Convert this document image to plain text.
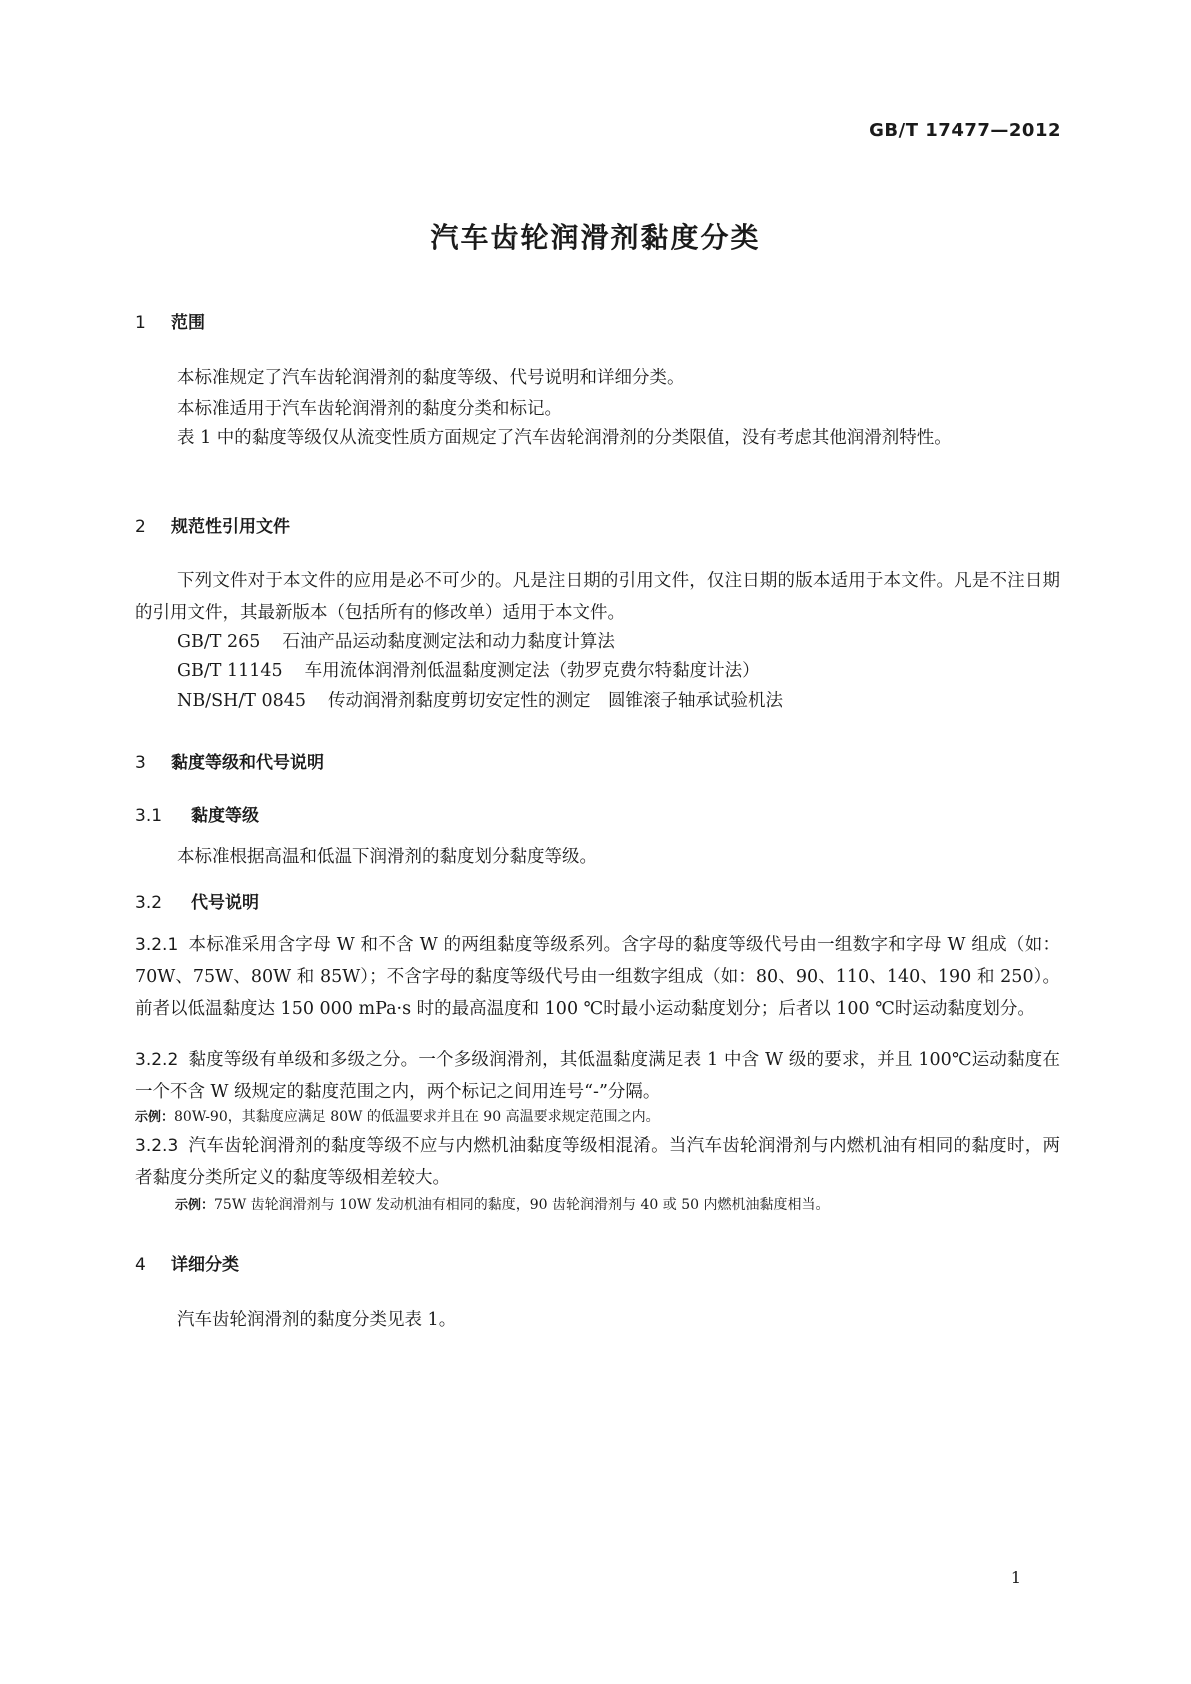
GB/T 17477—2012
汽车齿轮润滑剂黏度分类
1 范围
本标准规定了汽车齿轮润滑剂的黏度等级、代号说明和详细分类。
本标准适用于汽车齿轮润滑剂的黏度分类和标记。
表 1 中的黏度等级仅从流变性质方面规定了汽车齿轮润滑剂的分类限值，没有考虑其他润滑剂特性。
2 规范性引用文件
下列文件对于本文件的应用是必不可少的。凡是注日期的引用文件，仅注日期的版本适用于本文件。凡是不注日期的引用文件，其最新版本（包括所有的修改单）适用于本文件。
GB/T 265 石油产品运动黏度测定法和动力黏度计算法
GB/T 11145 车用流体润滑剂低温黏度测定法（勃罗克费尔特黏度计法）
NB/SH/T 0845 传动润滑剂黏度剪切安定性的测定　圆锥滚子轴承试验机法
3 黏度等级和代号说明
3.1 黏度等级
本标准根据高温和低温下润滑剂的黏度划分黏度等级。
3.2 代号说明
3.2.1 本标准采用含字母 W 和不含 W 的两组黏度等级系列。含字母的黏度等级代号由一组数字和字母 W 组成（如：70W、75W、80W 和 85W）；不含字母的黏度等级代号由一组数字组成（如：80、90、110、140、190 和 250）。前者以低温黏度达 150 000 mPa·s 时的最高温度和 100 ℃时最小运动黏度划分；后者以 100 ℃时运动黏度划分。
3.2.2 黏度等级有单级和多级之分。一个多级润滑剂，其低温黏度满足表 1 中含 W 级的要求，并且 100℃运动黏度在一个不含 W 级规定的黏度范围之内，两个标记之间用连号“-”分隔。
示例：80W-90，其黏度应满足 80W 的低温要求并且在 90 高温要求规定范围之内。
3.2.3 汽车齿轮润滑剂的黏度等级不应与内燃机油黏度等级相混淆。当汽车齿轮润滑剂与内燃机油有相同的黏度时，两者黏度分类所定义的黏度等级相差较大。
示例：75W 齿轮润滑剂与 10W 发动机油有相同的黏度，90 齿轮润滑剂与 40 或 50 内燃机油黏度相当。
4 详细分类
汽车齿轮润滑剂的黏度分类见表 1。
1
